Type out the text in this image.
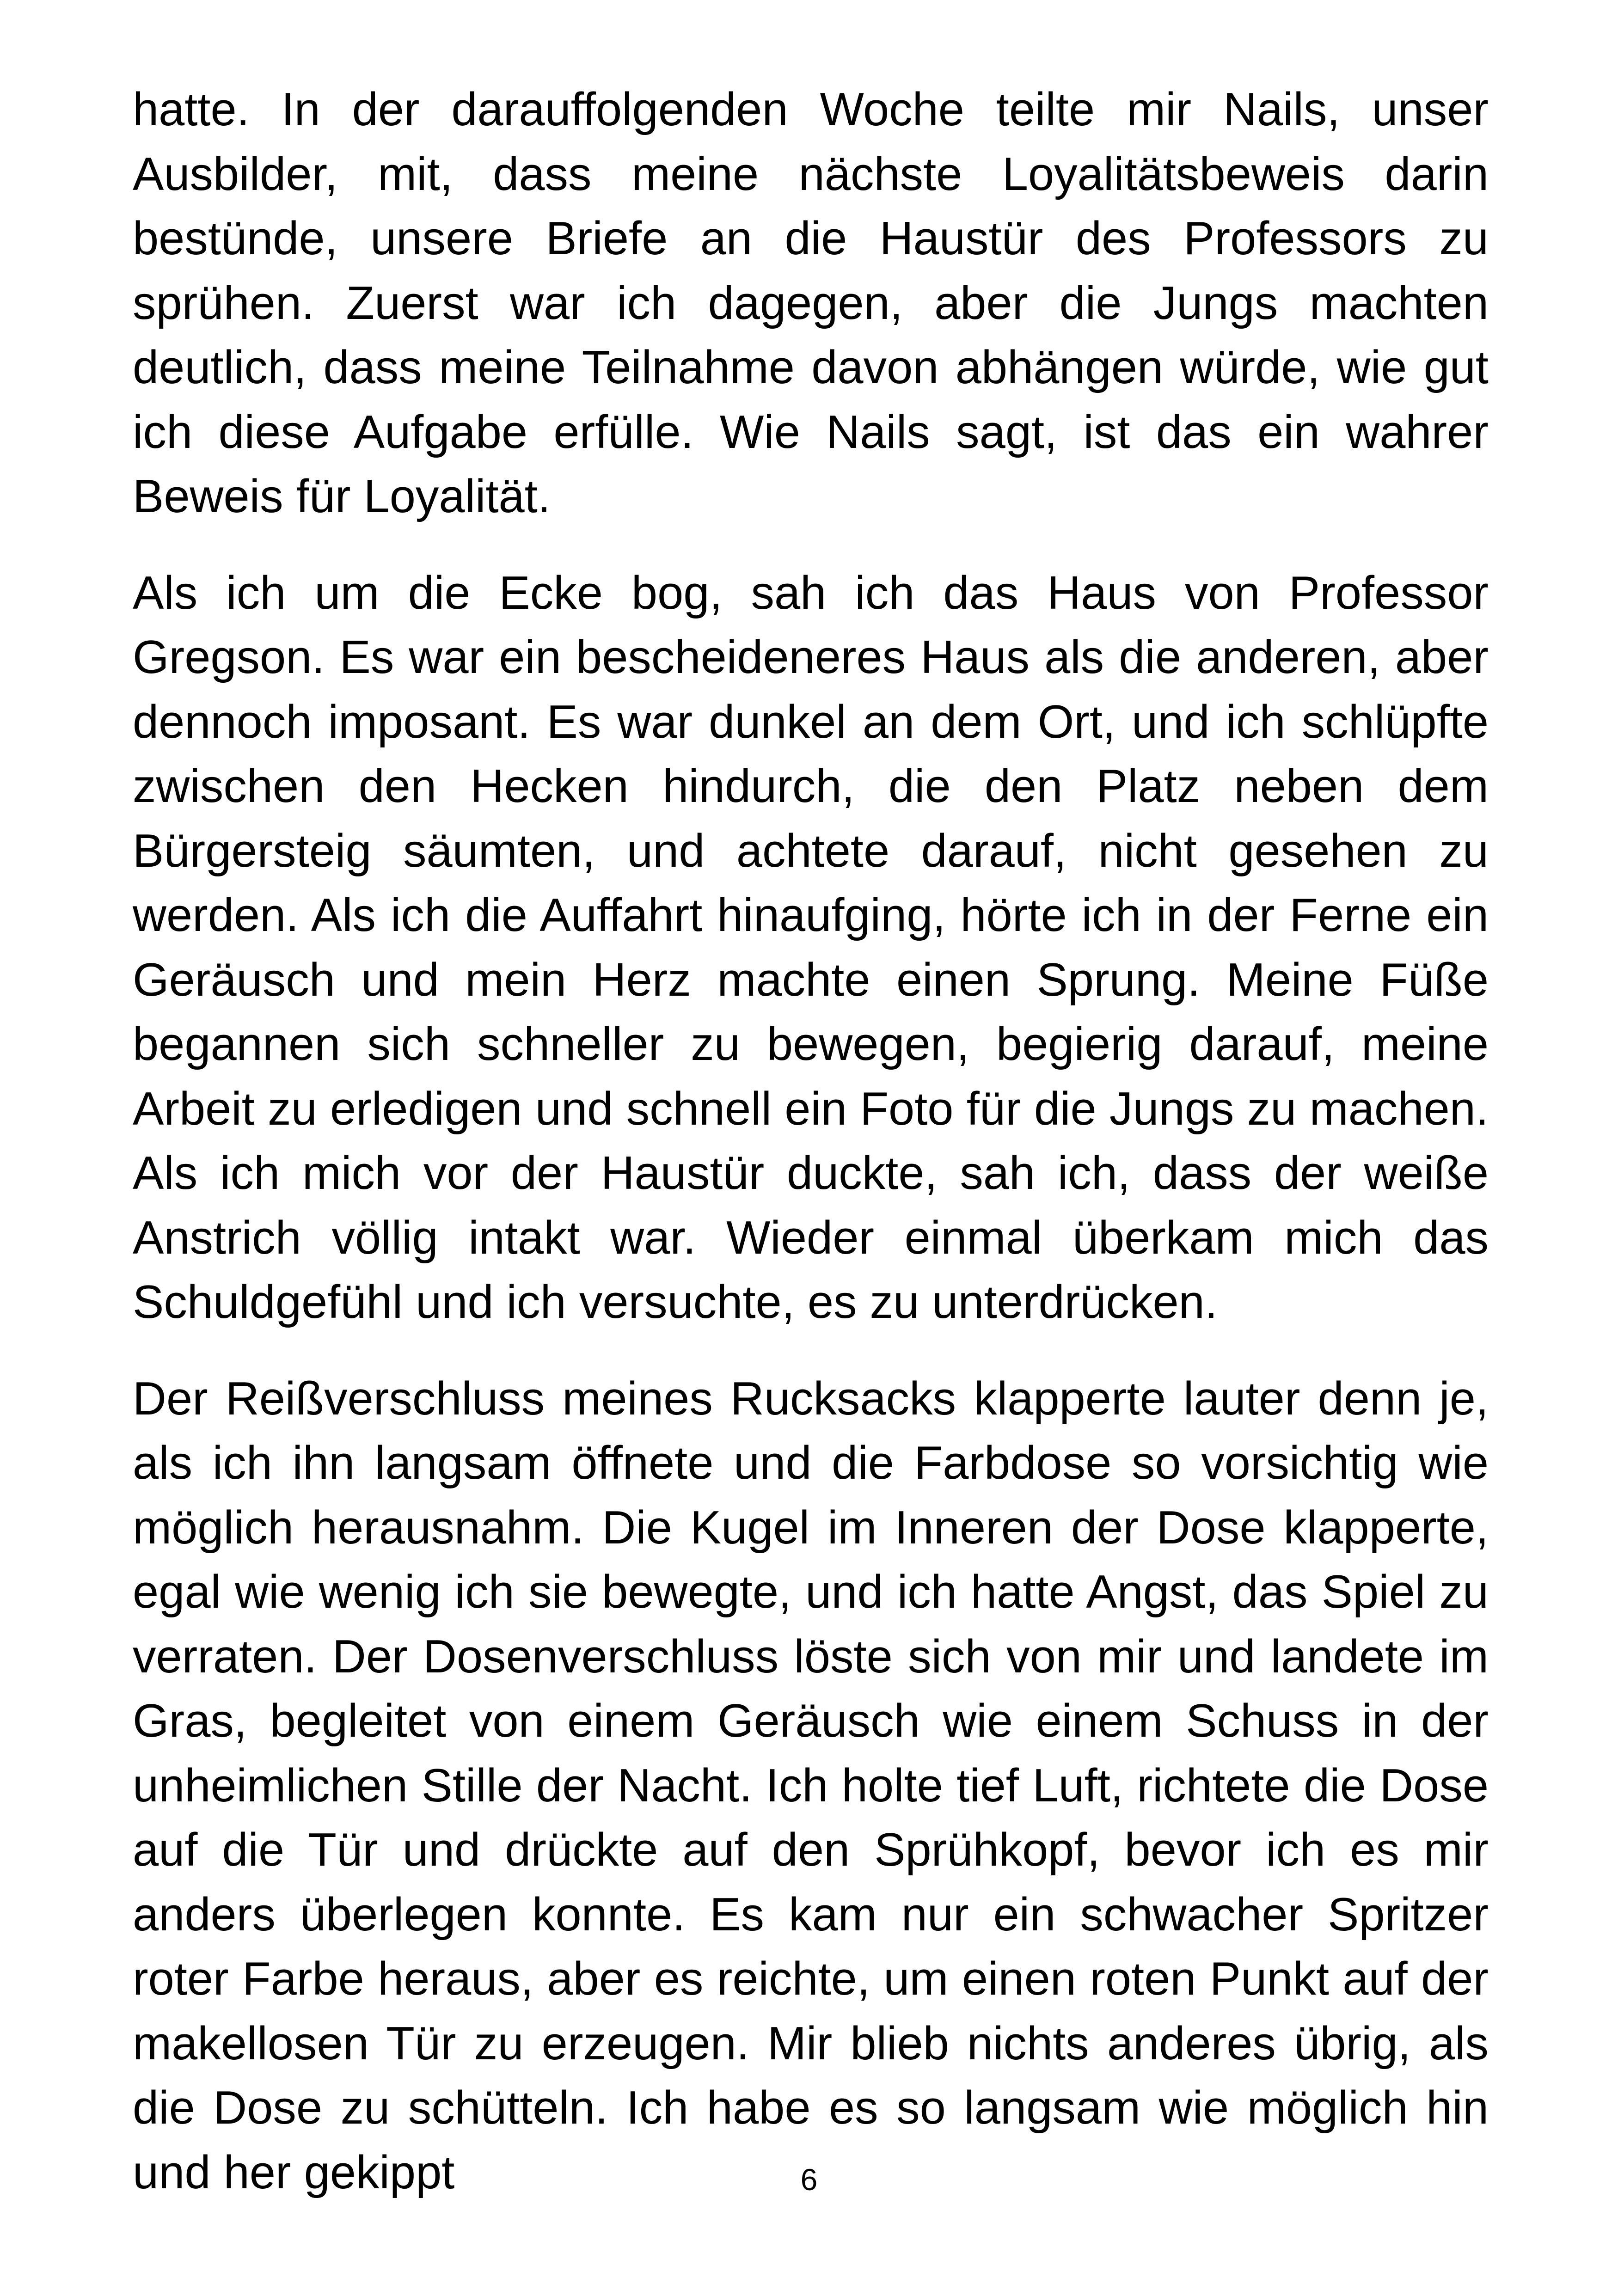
hatte. In der darauffolgenden Woche teilte mir Nails, unser Ausbilder, mit, dass meine nächste Loyalitätsbeweis darin bestünde, unsere Briefe an die Haustür des Professors zu sprühen. Zuerst war ich dagegen, aber die Jungs machten deutlich, dass meine Teilnahme davon abhängen würde, wie gut ich diese Aufgabe erfülle. Wie Nails sagt, ist das ein wahrer Beweis für Loyalität.

Als ich um die Ecke bog, sah ich das Haus von Professor Gregson. Es war ein bescheideneres Haus als die anderen, aber dennoch imposant. Es war dunkel an dem Ort, und ich schlüpfte zwischen den Hecken hindurch, die den Platz neben dem Bürgersteig säumten, und achtete darauf, nicht gesehen zu werden. Als ich die Auffahrt hinaufging, hörte ich in der Ferne ein Geräusch und mein Herz machte einen Sprung. Meine Füße begannen sich schneller zu bewegen, begierig darauf, meine Arbeit zu erledigen und schnell ein Foto für die Jungs zu machen. Als ich mich vor der Haustür duckte, sah ich, dass der weiße Anstrich völlig intakt war. Wieder einmal überkam mich das Schuldgefühl und ich versuchte, es zu unterdrücken.

Der Reißverschluss meines Rucksacks klapperte lauter denn je, als ich ihn langsam öffnete und die Farbdose so vorsichtig wie möglich herausnahm. Die Kugel im Inneren der Dose klapperte, egal wie wenig ich sie bewegte, und ich hatte Angst, das Spiel zu verraten. Der Dosenverschluss löste sich von mir und landete im Gras, begleitet von einem Geräusch wie einem Schuss in der unheimlichen Stille der Nacht. Ich holte tief Luft, richtete die Dose auf die Tür und drückte auf den Sprühkopf, bevor ich es mir anders überlegen konnte. Es kam nur ein schwacher Spritzer roter Farbe heraus, aber es reichte, um einen roten Punkt auf der makellosen Tür zu erzeugen. Mir blieb nichts anderes übrig, als die Dose zu schütteln. Ich habe es so langsam wie möglich hin und her gekippt	6
